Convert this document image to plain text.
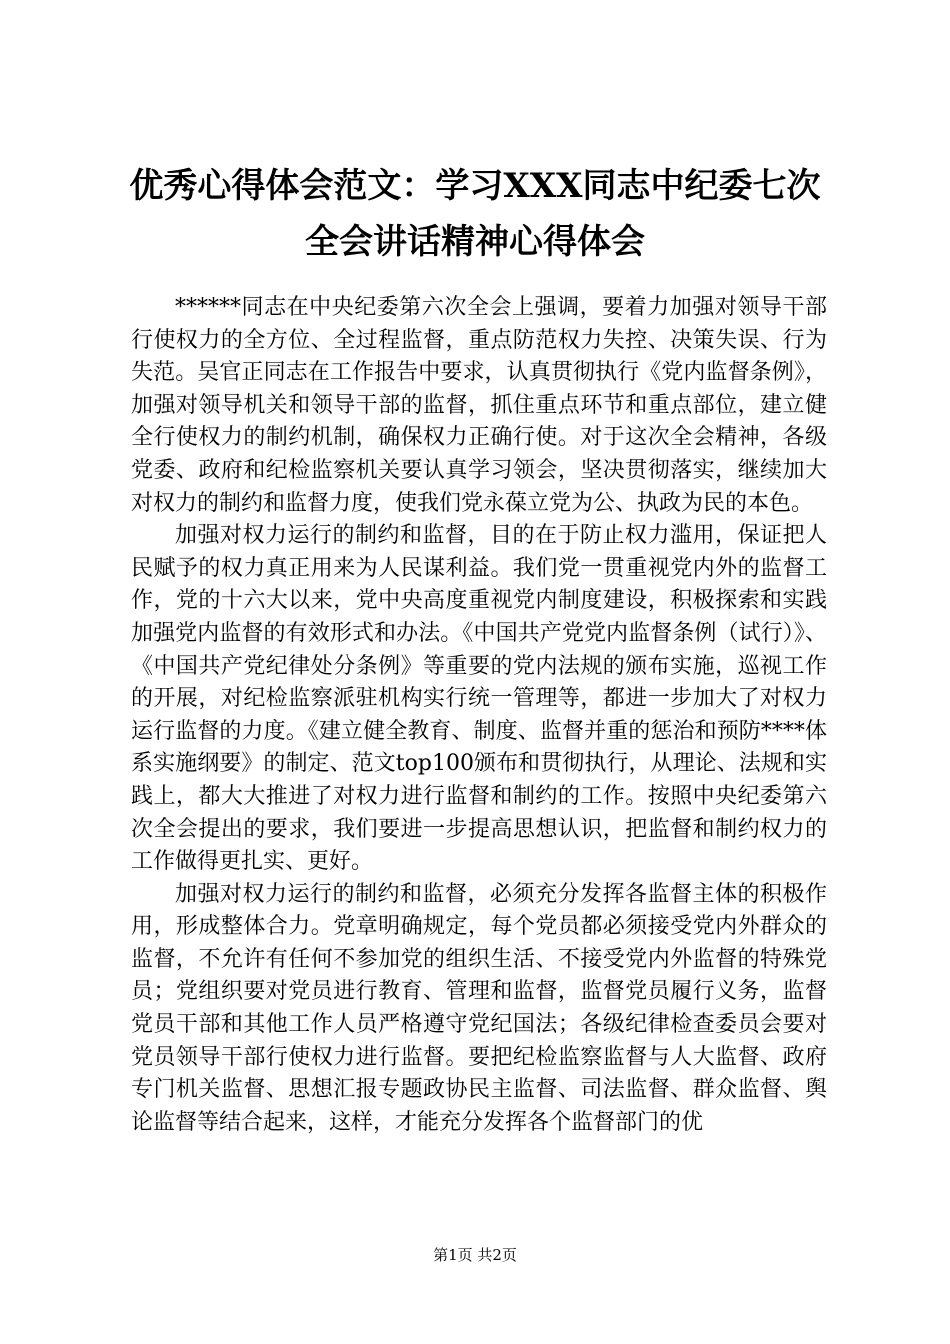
优秀心得体会范文：学习XXX同志中纪委七次
全会讲话精神心得体会

******同志在中央纪委第六次全会上强调，要着力加强对领导干部行使权力的全方位、全过程监督，重点防范权力失控、决策失误、行为失范。吴官正同志在工作报告中要求，认真贯彻执行《党内监督条例》，加强对领导机关和领导干部的监督，抓住重点环节和重点部位，建立健全行使权力的制约机制，确保权力正确行使。对于这次全会精神，各级党委、政府和纪检监察机关要认真学习领会，坚决贯彻落实，继续加大对权力的制约和监督力度，使我们党永葆立党为公、执政为民的本色。

加强对权力运行的制约和监督，目的在于防止权力滥用，保证把人民赋予的权力真正用来为人民谋利益。我们党一贯重视党内外的监督工作，党的十六大以来，党中央高度重视党内制度建设，积极探索和实践加强党内监督的有效形式和办法。《中国共产党党内监督条例（试行）》、《中国共产党纪律处分条例》等重要的党内法规的颁布实施，巡视工作的开展，对纪检监察派驻机构实行统一管理等，都进一步加大了对权力运行监督的力度。《建立健全教育、制度、监督并重的惩治和预防****体系实施纲要》的制定、范文top100颁布和贯彻执行，从理论、法规和实践上，都大大推进了对权力进行监督和制约的工作。按照中央纪委第六次全会提出的要求，我们要进一步提高思想认识，把监督和制约权力的工作做得更扎实、更好。

加强对权力运行的制约和监督，必须充分发挥各监督主体的积极作用，形成整体合力。党章明确规定，每个党员都必须接受党内外群众的监督，不允许有任何不参加党的组织生活、不接受党内外监督的特殊党员；党组织要对党员进行教育、管理和监督，监督党员履行义务，监督党员干部和其他工作人员严格遵守党纪国法；各级纪律检查委员会要对党员领导干部行使权力进行监督。要把纪检监察监督与人大监督、政府专门机关监督、思想汇报专题政协民主监督、司法监督、群众监督、舆论监督等结合起来，这样，才能充分发挥各个监督部门的优

第1页 共2页
